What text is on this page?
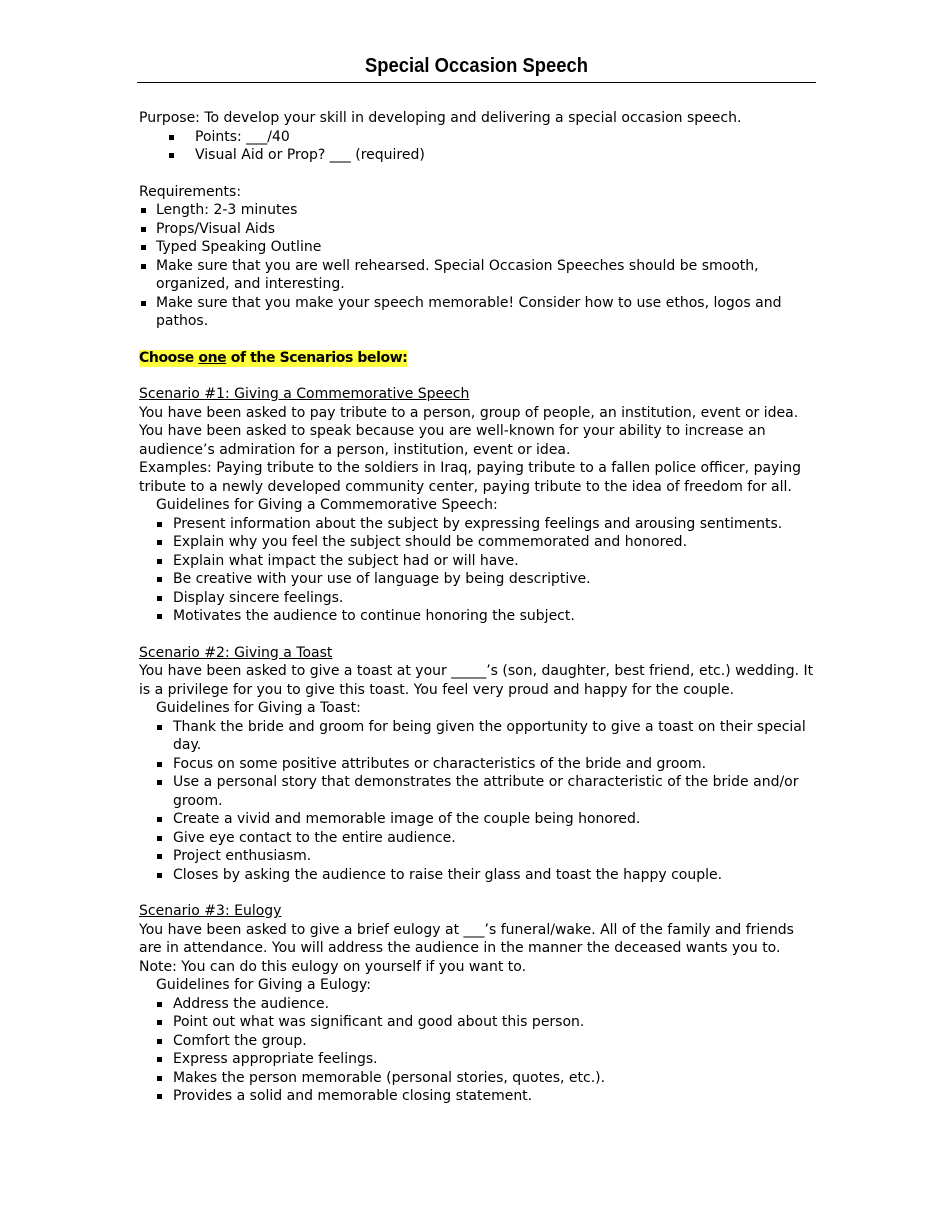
Special Occasion Speech

Purpose: To develop your skill in developing and delivering a special occasion speech.

Points: ___/40
Visual Aid or Prop? ___ (required)

Requirements:

Length: 2-3 minutes
Props/Visual Aids
Typed Speaking Outline
Make sure that you are well rehearsed. Special Occasion Speeches should be smooth, organized, and interesting.
Make sure that you make your speech memorable! Consider how to use ethos, logos and pathos.

Choose one of the Scenarios below:

Scenario #1: Giving a Commemorative Speech

You have been asked to pay tribute to a person, group of people, an institution, event or idea. You have been asked to speak because you are well-known for your ability to increase an audience’s admiration for a person, institution, event or idea.

Examples: Paying tribute to the soldiers in Iraq, paying tribute to a fallen police officer, paying tribute to a newly developed community center, paying tribute to the idea of freedom for all.

Guidelines for Giving a Commemorative Speech:

Present information about the subject by expressing feelings and arousing sentiments.
Explain why you feel the subject should be commemorated and honored.
Explain what impact the subject had or will have.
Be creative with your use of language by being descriptive.
Display sincere feelings.
Motivates the audience to continue honoring the subject.

Scenario #2: Giving a Toast

You have been asked to give a toast at your _____’s (son, daughter, best friend, etc.) wedding. It is a privilege for you to give this toast. You feel very proud and happy for the couple.

Guidelines for Giving a Toast:

Thank the bride and groom for being given the opportunity to give a toast on their special day.
Focus on some positive attributes or characteristics of the bride and groom.
Use a personal story that demonstrates the attribute or characteristic of the bride and/or groom.
Create a vivid and memorable image of the couple being honored.
Give eye contact to the entire audience.
Project enthusiasm.
Closes by asking the audience to raise their glass and toast the happy couple.

Scenario #3: Eulogy

You have been asked to give a brief eulogy at ___’s funeral/wake. All of the family and friends are in attendance. You will address the audience in the manner the deceased wants you to.

Note: You can do this eulogy on yourself if you want to.

Guidelines for Giving a Eulogy:

Address the audience.
Point out what was significant and good about this person.
Comfort the group.
Express appropriate feelings.
Makes the person memorable (personal stories, quotes, etc.).
Provides a solid and memorable closing statement.
